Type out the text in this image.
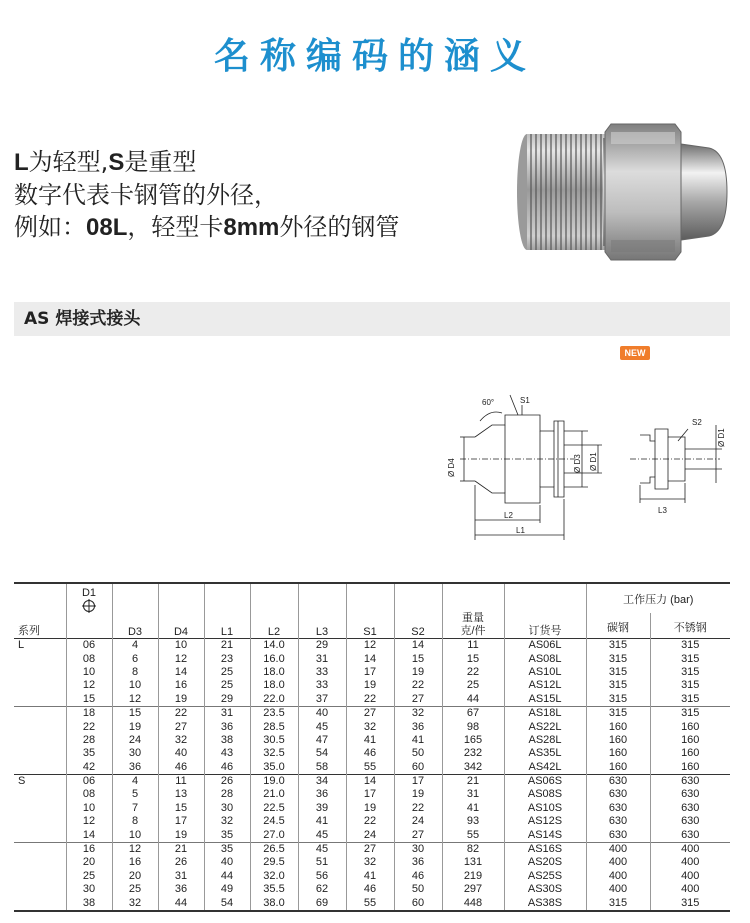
名称编码的涵义
L为轻型,S是重型
数字代表卡钢管的外径，
例如：08L，轻型卡8mm外径的钢管
AS 焊接式接头
NEW
60°	S1
S2
Ø D4	Ø D3 Ø D1
Ø D1
L1
L2
L3
系列	D1	D3	D4	L1	L2	L3	S1	S2	重量
克/件	订货号	工作压力 (bar)	
											碳钢	不锈钢
L	06	4	10	21	14.0	29	12	14	11	AS06L	315	315
	08	6	12	23	16.0	31	14	15	15	AS08L	315	315
	10	8	14	25	18.0	33	17	19	22	AS10L	315	315
	12	10	16	25	18.0	33	19	22	25	AS12L	315	315
	15	12	19	29	22.0	37	22	27	44	AS15L	315	315
	18	15	22	31	23.5	40	27	32	67	AS18L	315	315
	22	19	27	36	28.5	45	32	36	98	AS22L	160	160
	28	24	32	38	30.5	47	41	41	165	AS28L	160	160
	35	30	40	43	32.5	54	46	50	232	AS35L	160	160
	42	36	46	46	35.0	58	55	60	342	AS42L	160	160
S	06	4	11	26	19.0	34	14	17	21	AS06S	630	630
	08	5	13	28	21.0	36	17	19	31	AS08S	630	630
	10	7	15	30	22.5	39	19	22	41	AS10S	630	630
	12	8	17	32	24.5	41	22	24	93	AS12S	630	630
	14	10	19	35	27.0	45	24	27	55	AS14S	630	630
	16	12	21	35	26.5	45	27	30	82	AS16S	400	400
	20	16	26	40	29.5	51	32	36	131	AS20S	400	400
	25	20	31	44	32.0	56	41	46	219	AS25S	400	400
	30	25	36	49	35.5	62	46	50	297	AS30S	400	400
	38	32	44	54	38.0	69	55	60	448	AS38S	315	315
